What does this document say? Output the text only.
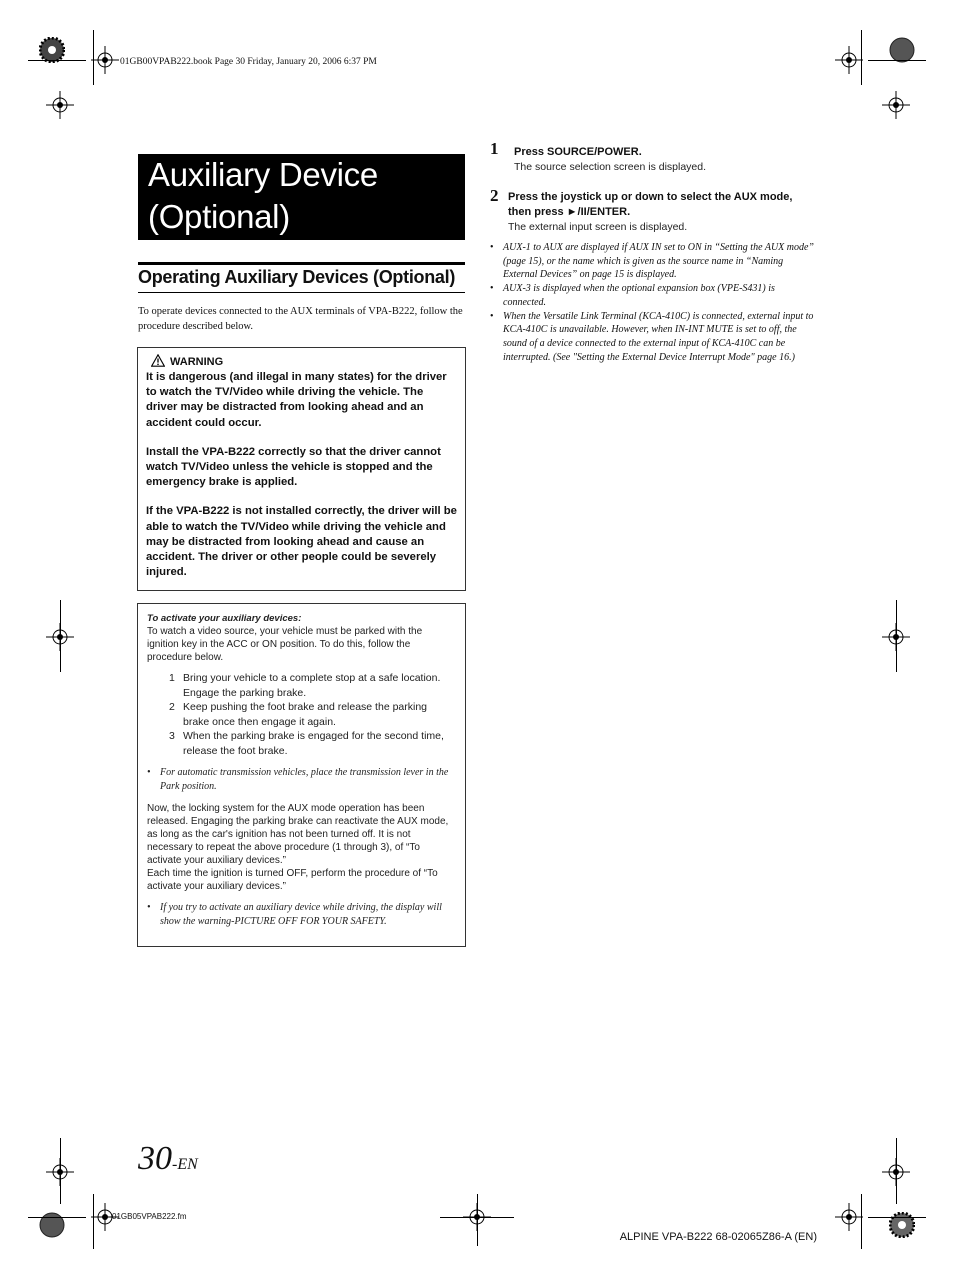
01GB00VPAB222.book Page 30 Friday, January 20, 2006 6:37 PM
Auxiliary Device
(Optional)
Operating Auxiliary Devices (Optional)
To operate devices connected to the AUX terminals of VPA-B222, follow the procedure described below.
WARNING
It is dangerous (and illegal in many states) for the driver to watch the TV/Video while driving the vehicle. The driver may be distracted from looking ahead and an accident could occur.
Install the VPA-B222 correctly so that the driver cannot watch TV/Video unless the vehicle is stopped and the emergency brake is applied.
If the VPA-B222 is not installed correctly, the driver will be able to watch the TV/Video while driving the vehicle and may be distracted from looking ahead and cause an accident. The driver or other people could be severely injured.
To activate your auxiliary devices:
To watch a video source, your vehicle must be parked with the ignition key in the ACC or ON position. To do this, follow the procedure below.
1 Bring your vehicle to a complete stop at a safe location. Engage the parking brake.
2 Keep pushing the foot brake and release the parking brake once then engage it again.
3 When the parking brake is engaged for the second time, release the foot brake.
• For automatic transmission vehicles, place the transmission lever in the Park position.
Now, the locking system for the AUX mode operation has been released. Engaging the parking brake can reactivate the AUX mode, as long as the car's ignition has not been turned off. It is not necessary to repeat the above procedure (1 through 3), of “To activate your auxiliary devices.”
Each time the ignition is turned OFF, perform the procedure of “To activate your auxiliary devices.”
• If you try to activate an auxiliary device while driving, the display will show the warning-PICTURE OFF FOR YOUR SAFETY.
1	Press SOURCE/POWER.
The source selection screen is displayed.
2 Press the joystick up or down to select the AUX mode, then press ►/II/ENTER.
The external input screen is displayed.
• AUX-1 to AUX are displayed if AUX IN set to ON in “Setting the AUX mode” (page 15), or the name which is given as the source name in “Naming External Devices” on page 15 is displayed.
• AUX-3 is displayed when the optional expansion box (VPE-S431) is connected.
• When the Versatile Link Terminal (KCA-410C) is connected, external input to KCA-410C is unavailable. However, when IN-INT MUTE is set to off, the sound of a device connected to the external input of KCA-410C can be interrupted. (See "Setting the External Device Interrupt Mode" page 16.)
30-EN
01GB05VPAB222.fm
ALPINE VPA-B222 68-02065Z86-A (EN)
